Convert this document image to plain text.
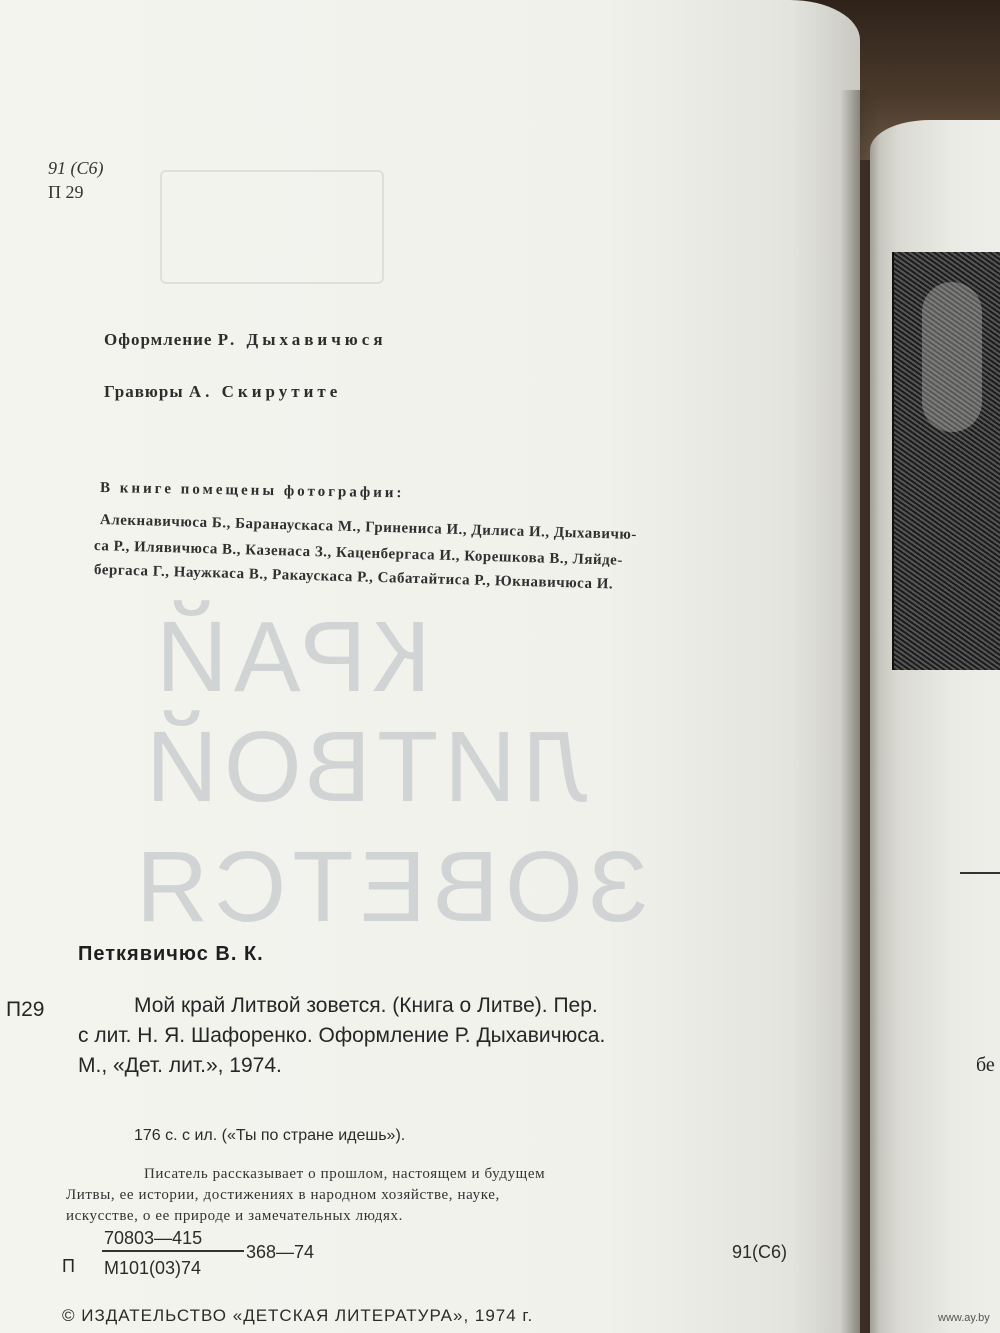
КРАЙ
ЛИТВОЙ
ЗОВЕТСЯ
91 (С6)
П 29
Оформление Р. Дыхавичюся
Гравюры А. Скирутите
В книге помещены фотографии:
Алекнавичюса Б., Баранаускаса М., Гринениса И., Дилиса И., Дыхавичю-
са Р., Илявичюса В., Казенаса З., Каценбергаса И., Корешкова В., Ляйде-
бергаса Г., Наужкаса В., Ракаускаса Р., Сабатайтиса Р., Юкнавичюса И.
Петкявичюс В. К.
П29	Мой край Литвой зовется. (Книга о Литве). Пер.
с лит. Н. Я. Шафоренко. Оформление Р. Дыхавичюса.
М., «Дет. лит.», 1974.
176 с. с ил. («Ты по стране идешь»).
Писатель рассказывает о прошлом, настоящем и будущем
Литвы, ее истории, достижениях в народном хозяйстве, науке,
искусстве, о ее природе и замечательных людях.
П
70803—415
М101(03)74
368—74	91(С6)
© ИЗДАТЕЛЬСТВО «ДЕТСКАЯ ЛИТЕРАТУРА», 1974 г.
бе
www.ay.by
